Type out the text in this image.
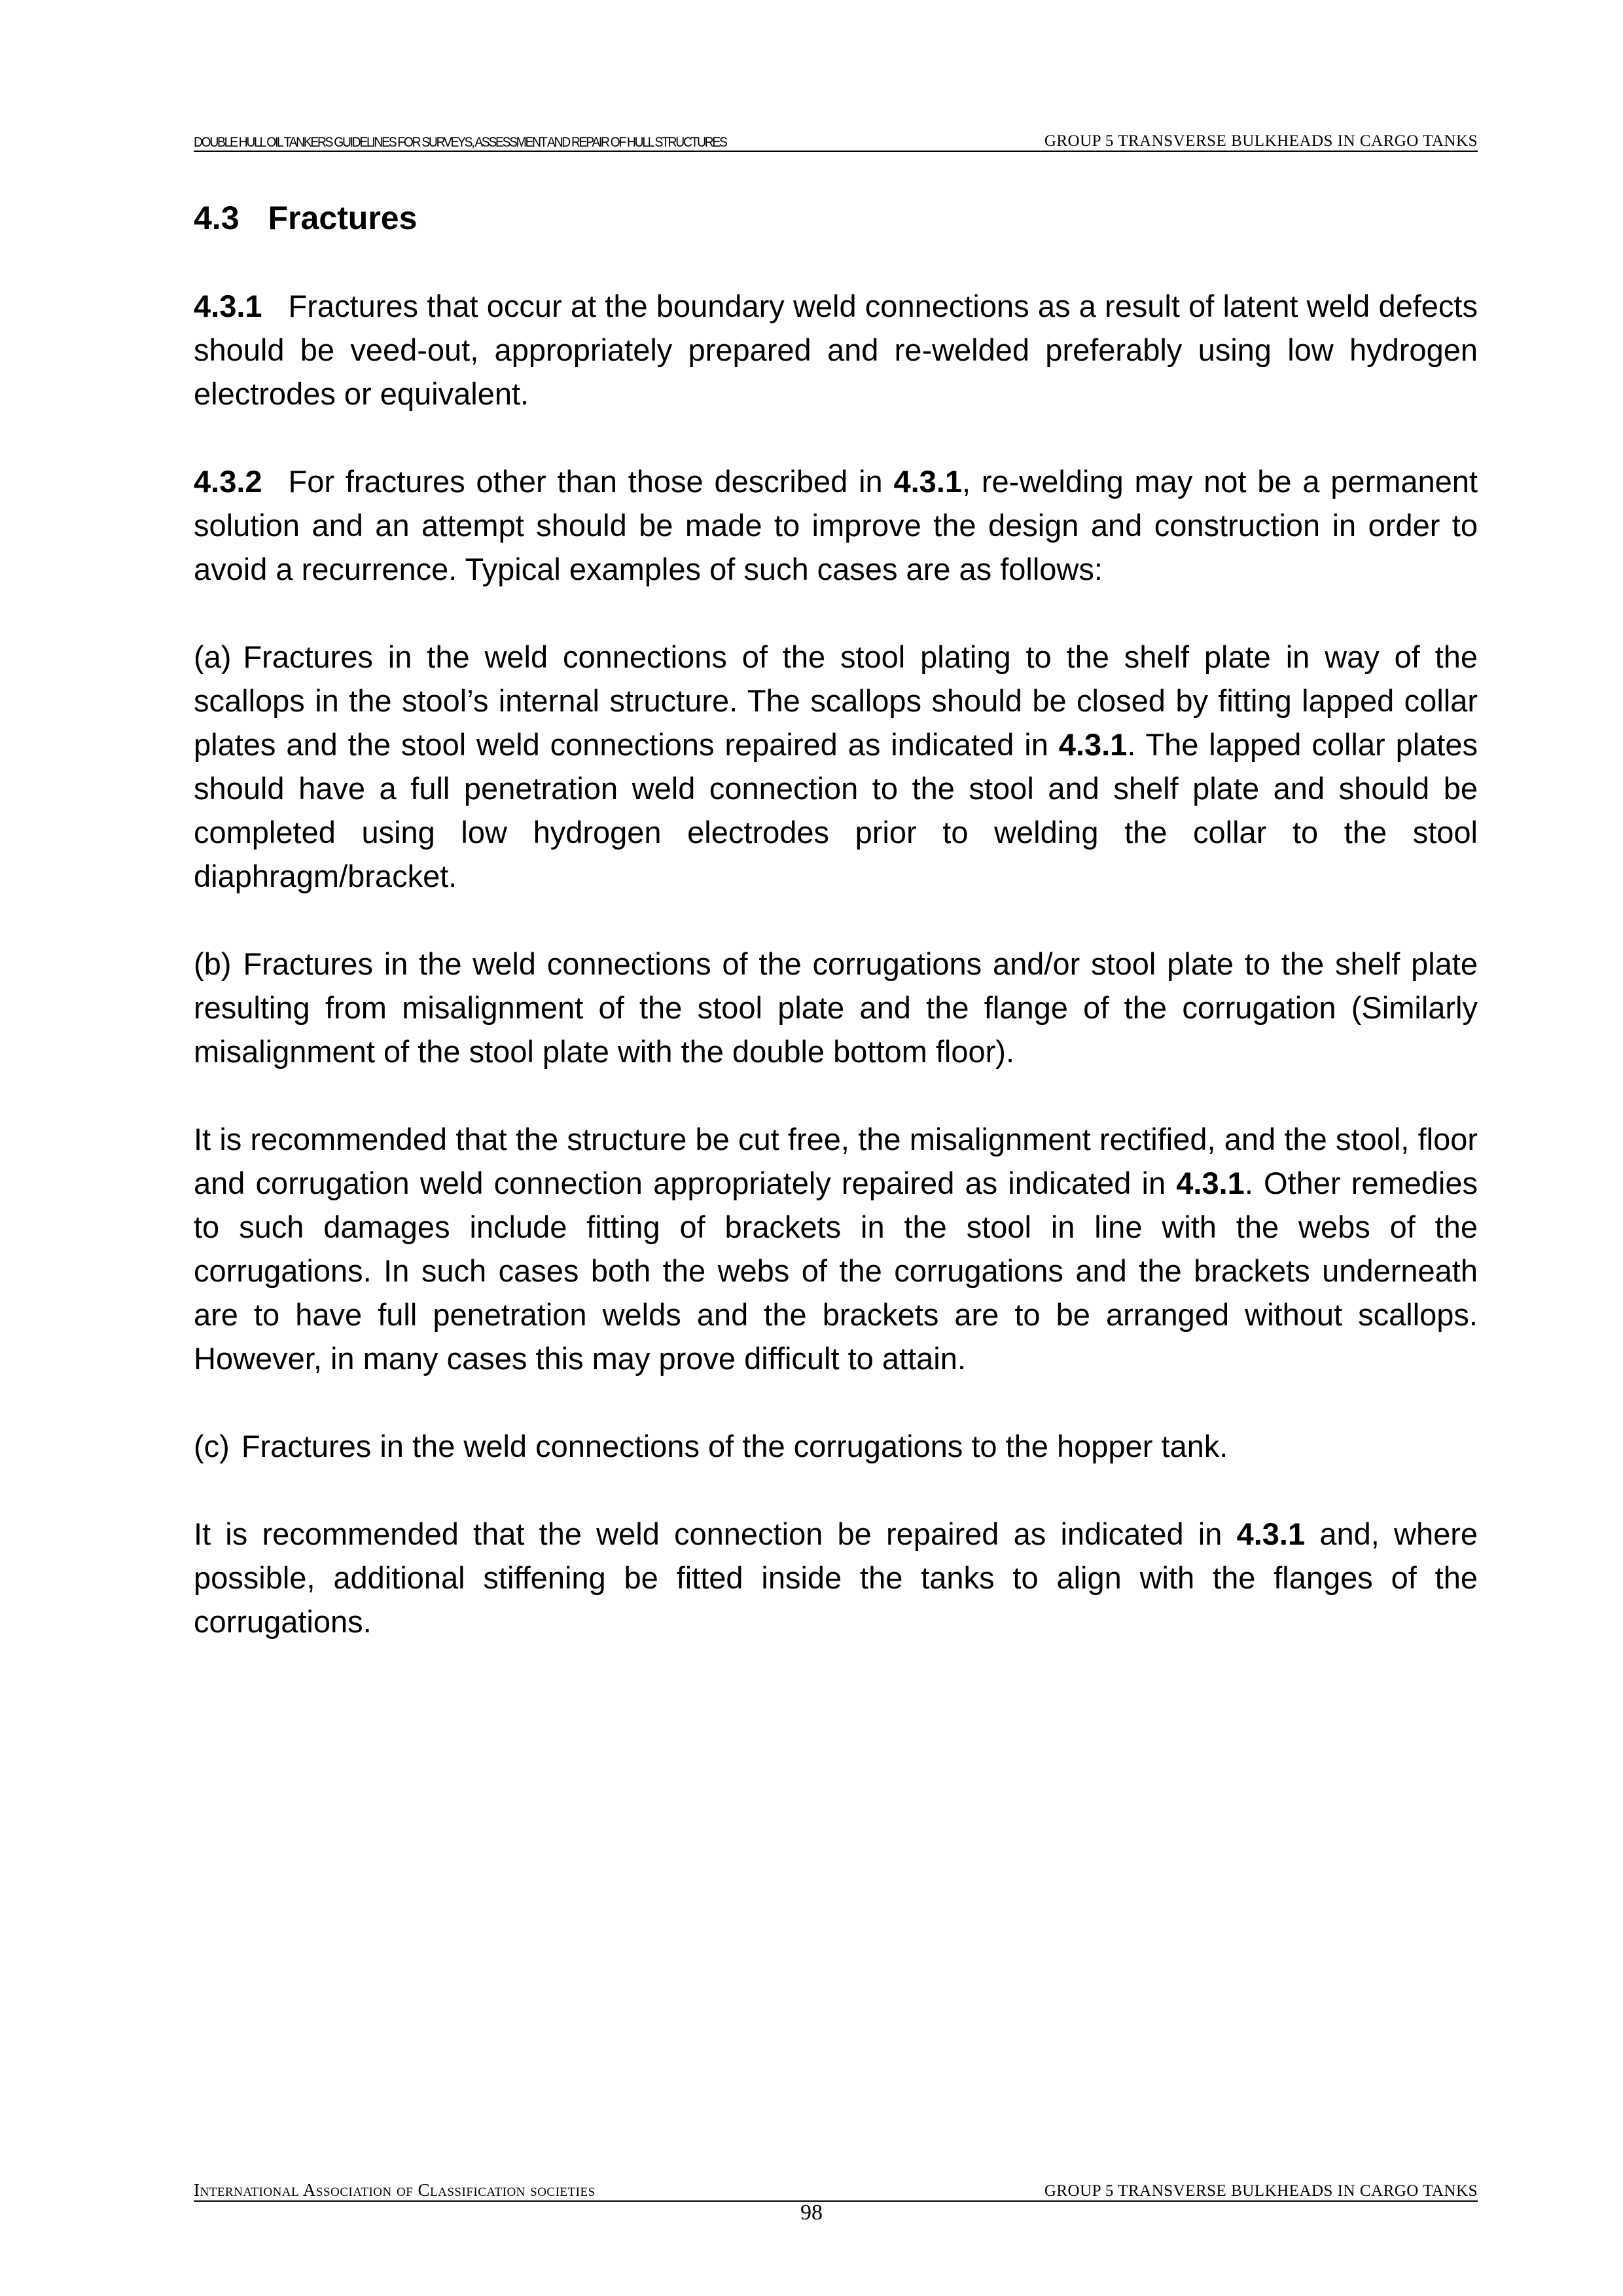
DOUBLE HULL OIL TANKERS GUIDELINES FOR SURVEYS, ASSESSMENT AND REPAIR OF HULL STRUCTURES	GROUP 5 TRANSVERSE BULKHEADS IN CARGO TANKS
4.3 Fractures

4.3.1 Fractures that occur at the boundary weld connections as a result of latent weld defects should be veed-out, appropriately prepared and re-welded preferably using low hydrogen electrodes or equivalent.

4.3.2 For fractures other than those described in 4.3.1, re-welding may not be a permanent solution and an attempt should be made to improve the design and construction in order to avoid a recurrence. Typical examples of such cases are as follows:

(a) Fractures in the weld connections of the stool plating to the shelf plate in way of the scallops in the stool’s internal structure. The scallops should be closed by fitting lapped collar plates and the stool weld connections repaired as indicated in 4.3.1. The lapped collar plates should have a full penetration weld connection to the stool and shelf plate and should be completed using low hydrogen electrodes prior to welding the collar to the stool diaphragm/bracket.

(b) Fractures in the weld connections of the corrugations and/or stool plate to the shelf plate resulting from misalignment of the stool plate and the flange of the corrugation (Similarly misalignment of the stool plate with the double bottom floor).

It is recommended that the structure be cut free, the misalignment rectified, and the stool, floor and corrugation weld connection appropriately repaired as indicated in 4.3.1. Other remedies to such damages include fitting of brackets in the stool in line with the webs of the corrugations. In such cases both the webs of the corrugations and the brackets underneath are to have full penetration welds and the brackets are to be arranged without scallops. However, in many cases this may prove difficult to attain.

(c) Fractures in the weld connections of the corrugations to the hopper tank.

It is recommended that the weld connection be repaired as indicated in 4.3.1 and, where possible, additional stiffening be fitted inside the tanks to align with the flanges of the corrugations.

International Association of Classification societies	GROUP 5 TRANSVERSE BULKHEADS IN CARGO TANKS
98
